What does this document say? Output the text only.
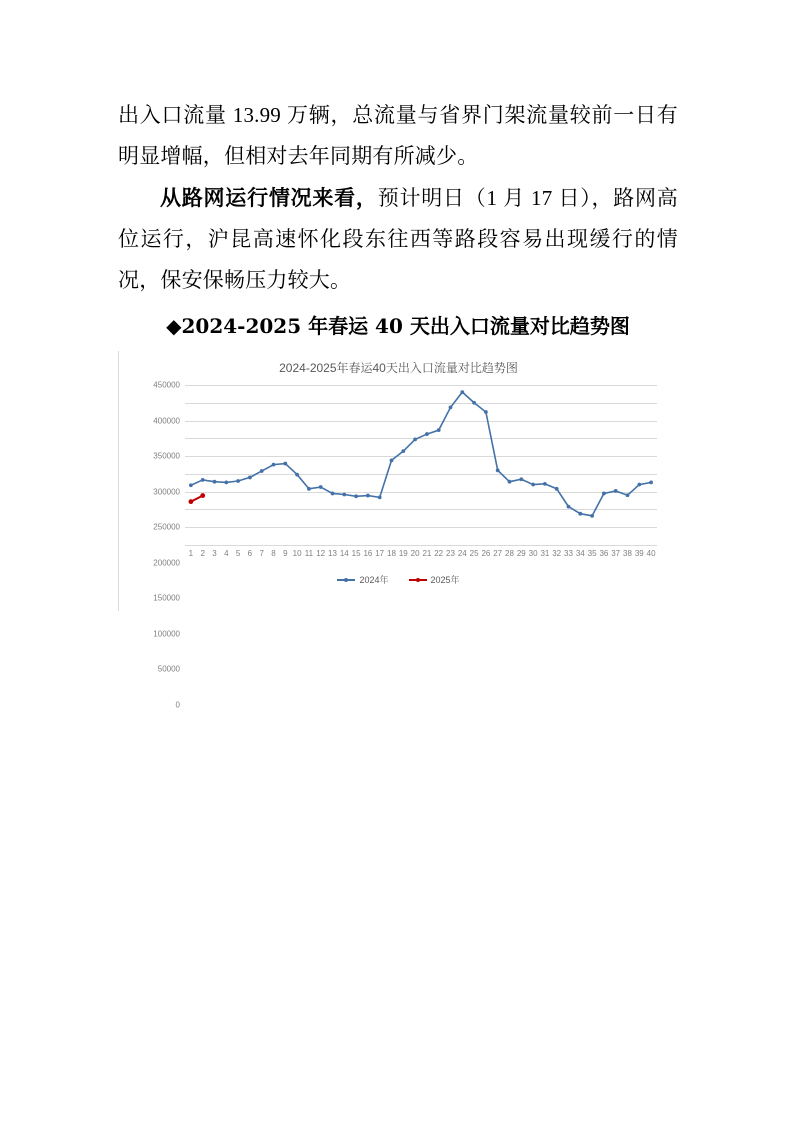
出入口流量 13.99 万辆，总流量与省界门架流量较前一日有明显增幅，但相对去年同期有所减少。

从路网运行情况来看，预计明日（1 月 17 日），路网高位运行，沪昆高速怀化段东往西等路段容易出现缓行的情况，保安保畅压力较大。

◆2024-2025 年春运 40 天出入口流量对比趋势图

2024-2025年春运40天出入口流量对比趋势图
0
50000
100000
150000
200000
250000
300000
350000
400000
450000
1 2 3 4 5 6 7 8 9 10 11 12 13 14 15 16 17 18 19 20 21 22 23 24 25 26 27 28 29 30 31 32 33 34 35 36 37 38 39 40
2024年	2025年
